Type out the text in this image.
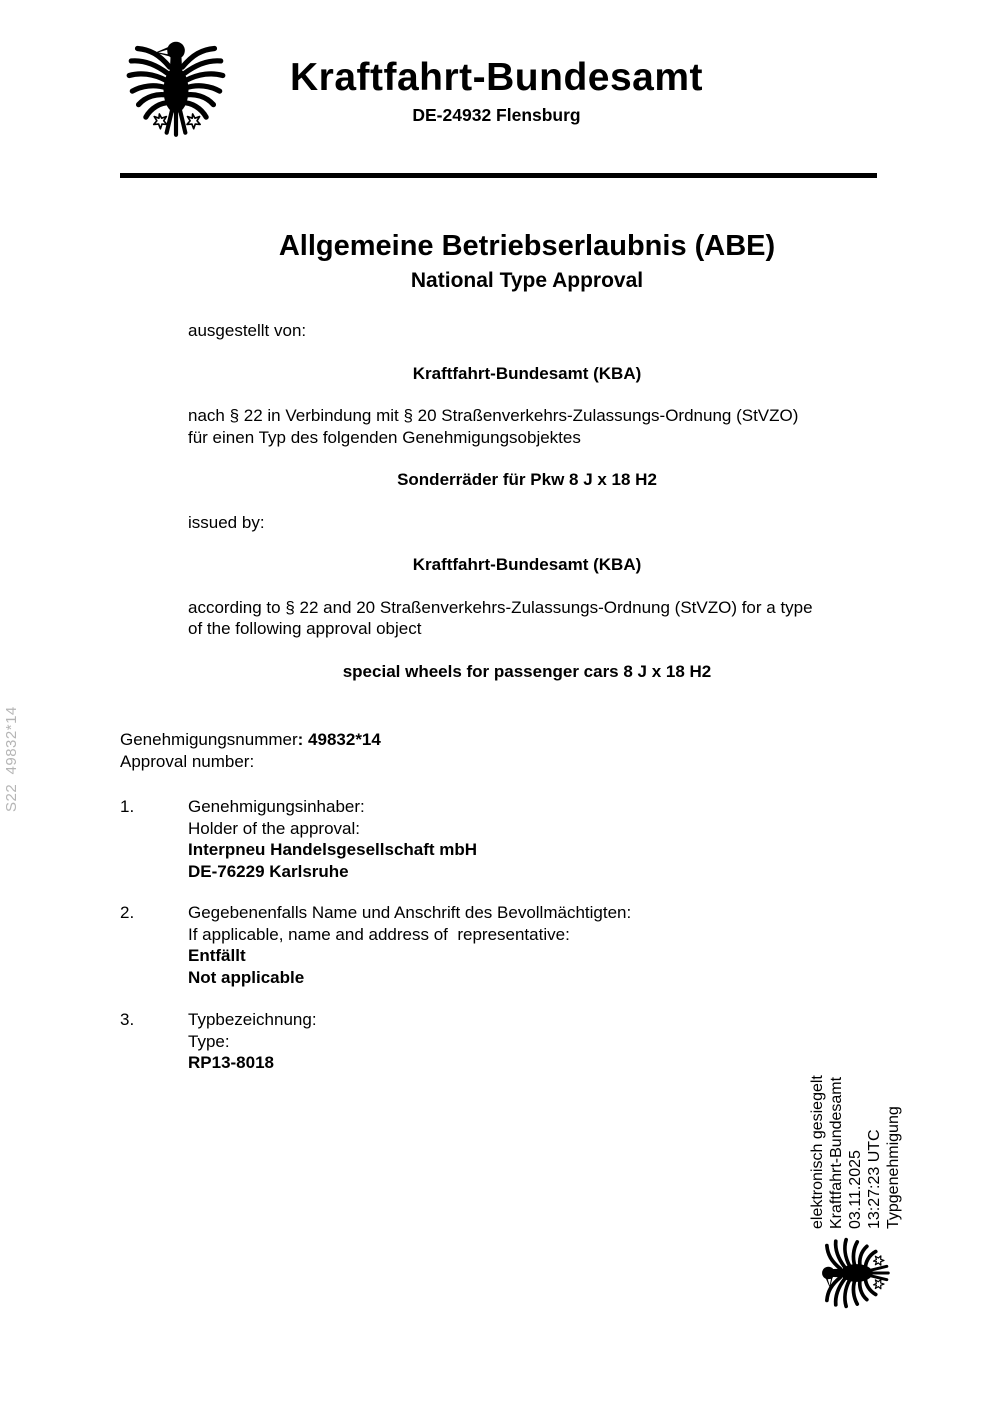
Kraftfahrt-Bundesamt
DE-24932 Flensburg
Allgemeine Betriebserlaubnis (ABE)
National Type Approval

ausgestellt von:

Kraftfahrt-Bundesamt (KBA)

nach § 22 in Verbindung mit § 20 Straßenverkehrs-Zulassungs-Ordnung (StVZO)
für einen Typ des folgenden Genehmigungsobjektes

Sonderräder für Pkw 8 J x 18 H2

issued by:

Kraftfahrt-Bundesamt (KBA)

according to § 22 and 20 Straßenverkehrs-Zulassungs-Ordnung (StVZO) for a type
of the following approval object

special wheels for passenger cars 8 J x 18 H2

Genehmigungsnummer: 49832*14
Approval number:
1.	Genehmigungsinhaber:
Holder of the approval:
Interpneu Handelsgesellschaft mbH
DE-76229 Karlsruhe
2.	Gegebenenfalls Name und Anschrift des Bevollmächtigten:
If applicable, name and address of  representative:
Entfällt
Not applicable
3.	Typbezeichnung:
Type:
RP13-8018
S22  49832*14
elektronisch gesiegelt Kraftfahrt-Bundesamt 03.11.2025 13:27:23 UTC Typgenehmigung
